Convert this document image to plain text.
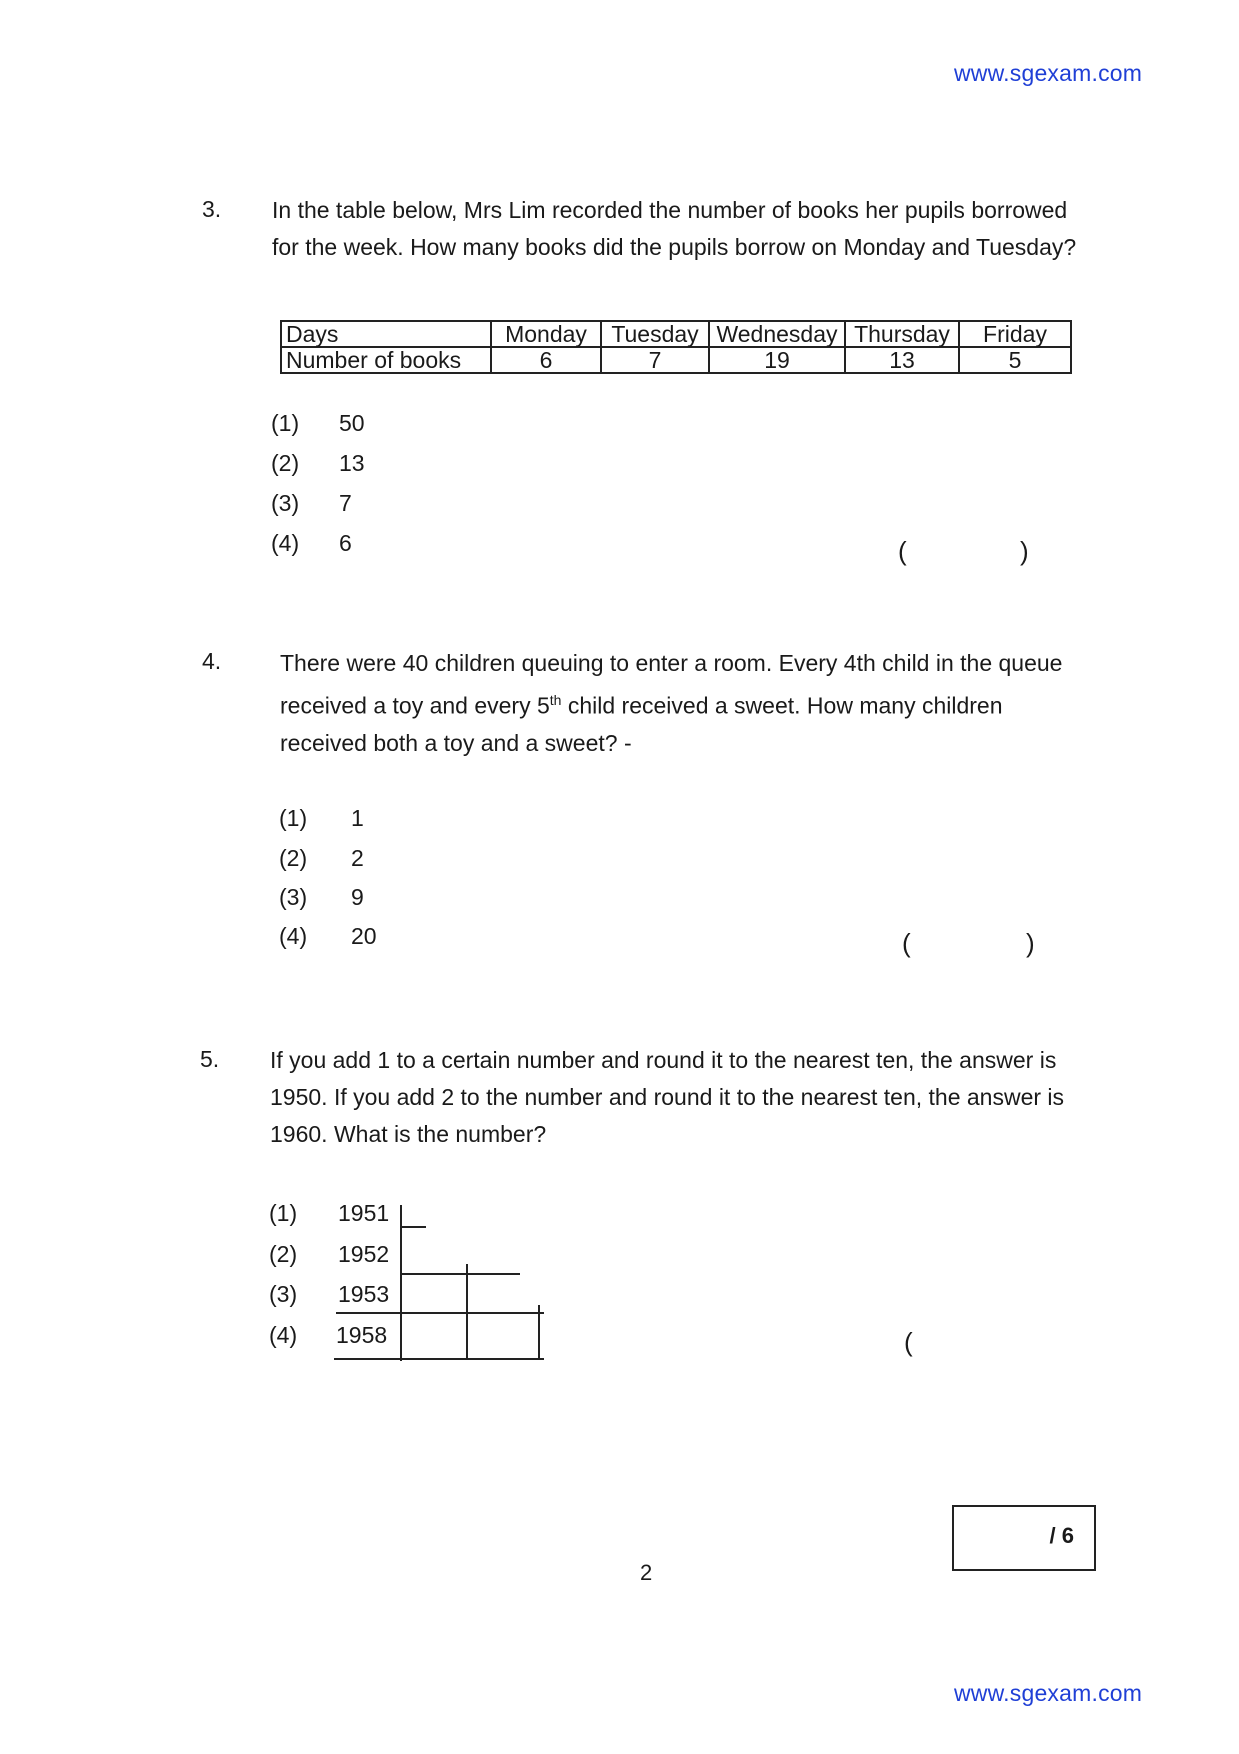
www.sgexam.com
3. In the table below, Mrs Lim recorded the number of books her pupils borrowed for the week. How many books did the pupils borrow on Monday and Tuesday?
Days	Monday	Tuesday	Wednesday	Thursday	Friday
Number of books	6	7	19	13	5
(1) 50
(2) 13
(3) 7
(4) 6	(	)
4.	There were 40 children queuing to enter a room. Every 4th child in the queue received a toy and every 5th child received a sweet. How many children received both a toy and a sweet? -
(1) 1
(2) 2
(3) 9
(4) 20	(	)
5. If you add 1 to a certain number and round it to the nearest ten, the answer is 1950. If you add 2 to the number and round it to the nearest ten, the answer is 1960. What is the number?
(1) 1951
(2) 1952
(3) 1953
(4) 1958	(
/ 6
2
www.sgexam.com
